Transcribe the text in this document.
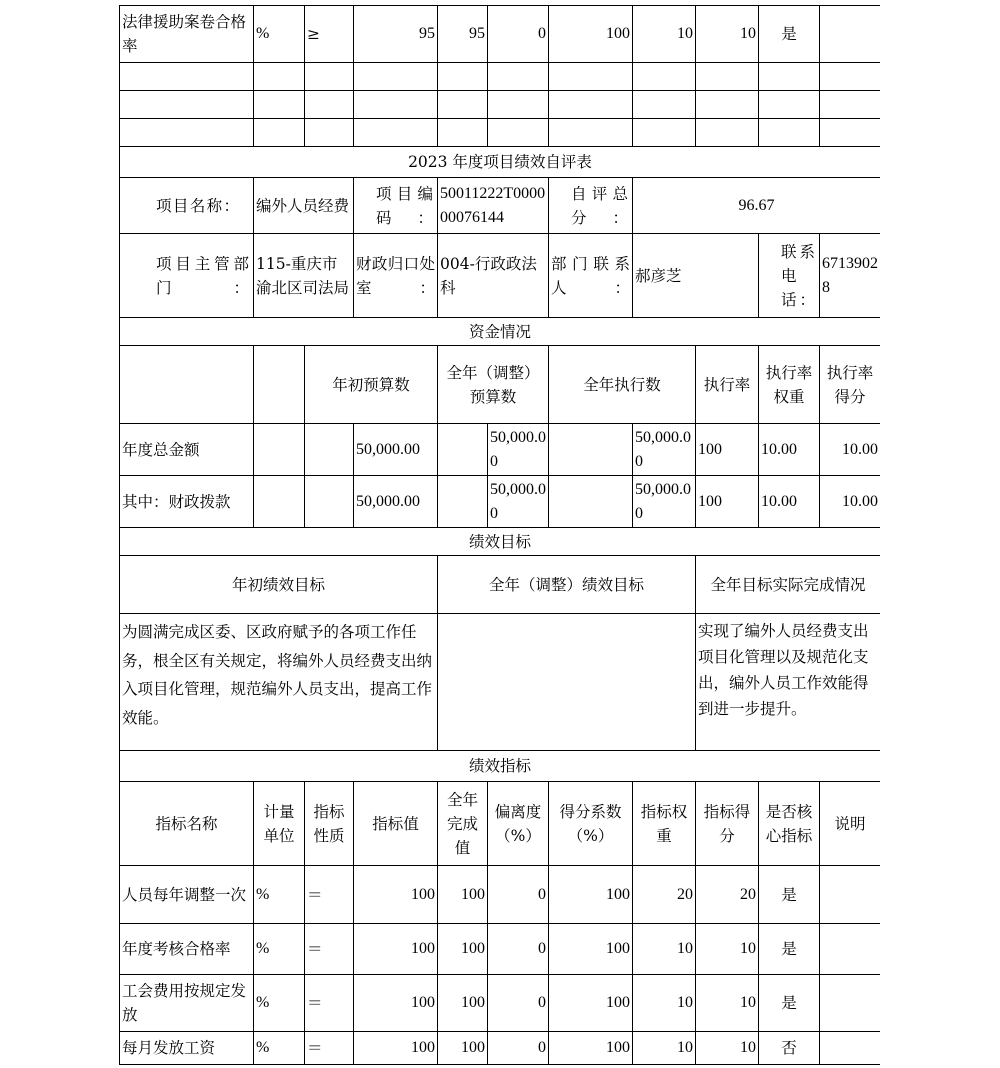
法律援助案卷合格率	%	≥	95	95	0	100	10	10	是	

2023 年度项目绩效自评表										
项目名称：	编外人员经费		项目编码：	50011222T000000076144		自评总分：	96.67			
项目主管部门：	115-重庆市渝北区司法局		财政归口处室：	004-行政政法科		部门联系人：	郝彦芝		联系电话：	67139028
资金情况										
		年初预算数		全年（调整）预算数		全年执行数		执行率	执行率权重	执行率得分
年度总金额			50,000.00		50,000.00		50,000.00	100	10.00	10.00
其中：财政拨款			50,000.00		50,000.00		50,000.00	100	10.00	10.00
绩效目标										
年初绩效目标				全年（调整）绩效目标				全年目标实际完成情况		
为圆满完成区委、区政府赋予的各项工作任务，根全区有关规定，将编外人员经费支出纳入项目化管理，规范编外人员支出，提高工作效能。								实现了编外人员经费支出项目化管理以及规范化支出，编外人员工作效能得到进一步提升。		
绩效指标										
指标名称	计量单位	指标性质	指标值	全年完成值	偏离度（%）	得分系数（%）	指标权重	指标得分	是否核心指标	说明
人员每年调整一次	%	＝	100	100	0	100	20	20	是	
年度考核合格率	%	＝	100	100	0	100	10	10	是	
工会费用按规定发放	%	＝	100	100	0	100	10	10	是	
每月发放工资	%	＝	100	100	0	100	10	10	否	
